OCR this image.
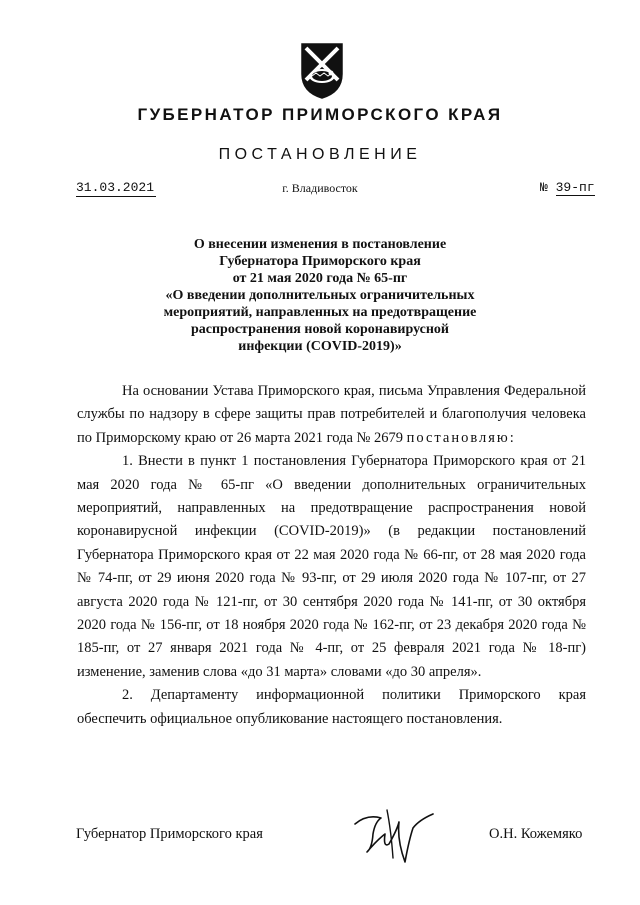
ГУБЕРНАТОР ПРИМОРСКОГО КРАЯ
ПОСТАНОВЛЕНИЕ
31.03.2021	г. Владивосток	№ 39-пг
О внесении изменения в постановление
Губернатора Приморского края
от 21 мая 2020 года № 65-пг
«О введении дополнительных ограничительных
мероприятий, направленных на предотвращение
распространения новой коронавирусной
инфекции (COVID-2019)»
На основании Устава Приморского края, письма Управления Федеральной службы по надзору в сфере защиты прав потребителей и благополучия человека по Приморскому краю от 26 марта 2021 года № 2679 постановляю:
1. Внести в пункт 1 постановления Губернатора Приморского края от 21 мая 2020 года № 65-пг «О введении дополнительных ограничительных мероприятий, направленных на предотвращение распространения новой коронавирусной инфекции (COVID-2019)» (в редакции постановлений Губернатора Приморского края от 22 мая 2020 года № 66-пг, от 28 мая 2020 года № 74-пг, от 29 июня 2020 года № 93-пг, от 29 июля 2020 года № 107-пг, от 27 августа 2020 года № 121-пг, от 30 сентября 2020 года № 141-пг, от 30 октября 2020 года № 156-пг, от 18 ноября 2020 года № 162-пг, от 23 декабря 2020 года № 185-пг, от 27 января 2021 года № 4-пг, от 25 февраля 2021 года № 18-пг) изменение, заменив слова «до 31 марта» словами «до 30 апреля».
2. Департаменту информационной политики Приморского края обеспечить официальное опубликование настоящего постановления.
Губернатор Приморского края	О.Н. Кожемяко
